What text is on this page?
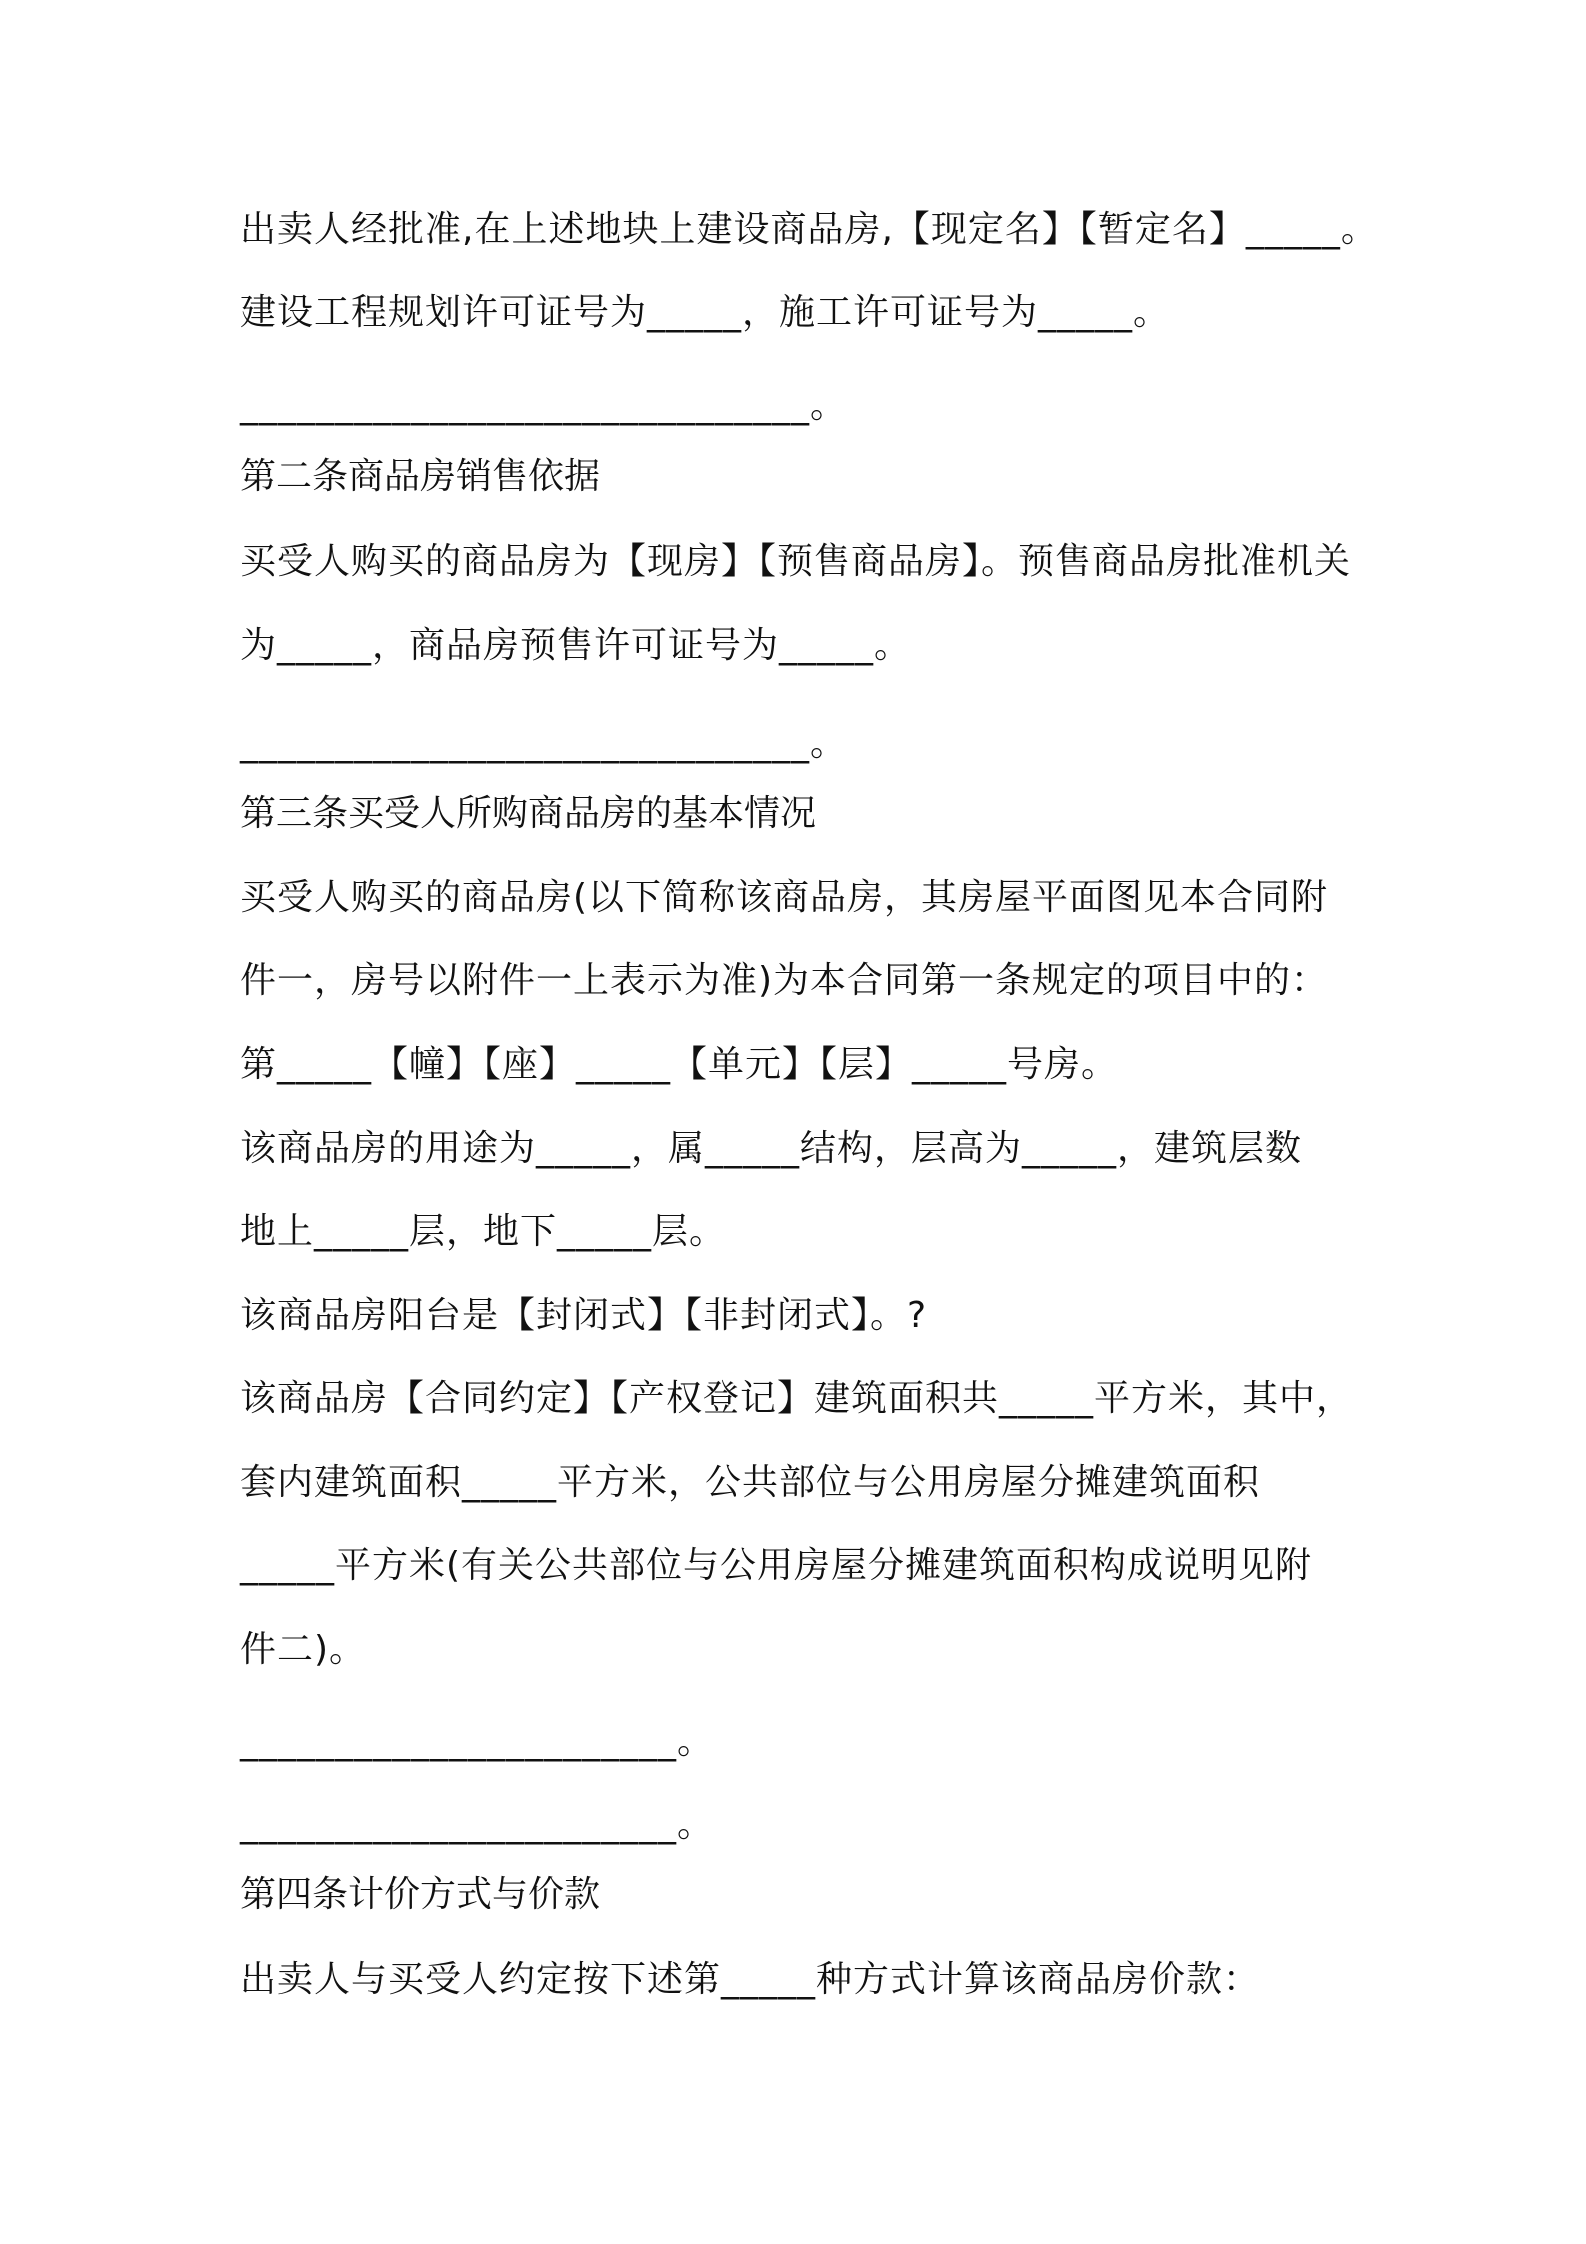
出卖人经批准,在上述地块上建设商品房,【现定名】【暂定名】_____。
建设工程规划许可证号为_____，施工许可证号为_____。
______________________________。
第二条商品房销售依据
买受人购买的商品房为【现房】【预售商品房】。预售商品房批准机关
为_____，商品房预售许可证号为_____。
______________________________。
第三条买受人所购商品房的基本情况
买受人购买的商品房(以下简称该商品房，其房屋平面图见本合同附
件一，房号以附件一上表示为准)为本合同第一条规定的项目中的：
第_____【幢】【座】_____【单元】【层】_____号房。
该商品房的用途为_____，属_____结构，层高为_____，建筑层数
地上_____层，地下_____层。
该商品房阳台是【封闭式】【非封闭式】。?
该商品房【合同约定】【产权登记】建筑面积共_____平方米，其中，
套内建筑面积_____平方米，公共部位与公用房屋分摊建筑面积
_____平方米(有关公共部位与公用房屋分摊建筑面积构成说明见附
件二)。
_______________________。
_______________________。
第四条计价方式与价款
出卖人与买受人约定按下述第_____种方式计算该商品房价款：
